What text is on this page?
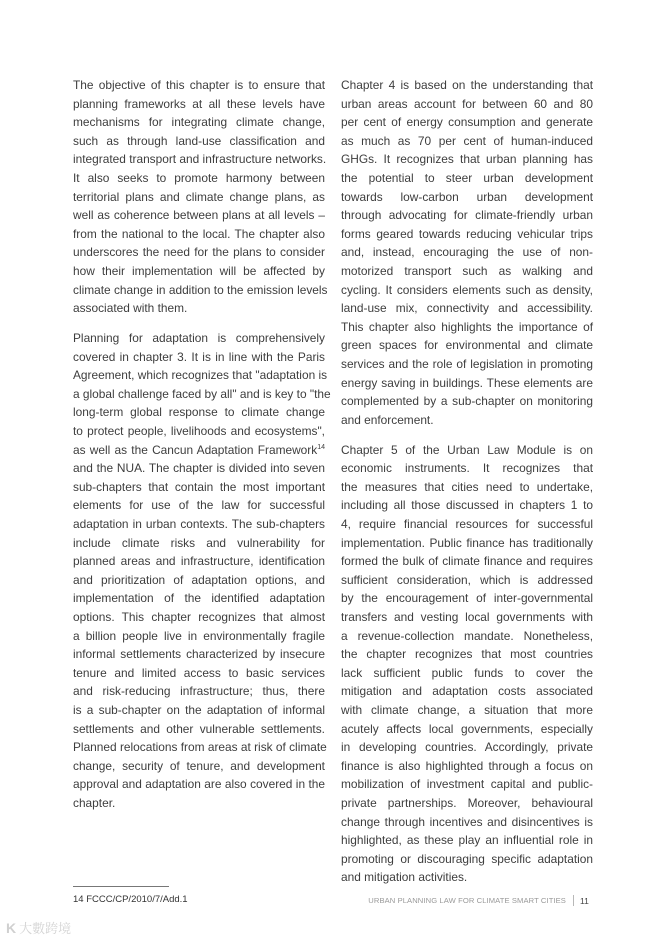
The objective of this chapter is to ensure that
planning frameworks at all these levels have
mechanisms for integrating climate change,
such as through land-use classification and
integrated transport and infrastructure networks.
It also seeks to promote harmony between
territorial plans and climate change plans, as
well as coherence between plans at all levels –
from the national to the local. The chapter also
underscores the need for the plans to consider
how their implementation will be affected by
climate change in addition to the emission levels
associated with them.
Planning for adaptation is comprehensively
covered in chapter 3. It is in line with the Paris
Agreement, which recognizes that "adaptation is
a global challenge faced by all" and is key to "the
long-term global response to climate change
to protect people, livelihoods and ecosystems",
as well as the Cancun Adaptation Framework$^{14}$
and the NUA. The chapter is divided into seven
sub-chapters that contain the most important
elements for use of the law for successful
adaptation in urban contexts. The sub-chapters
include climate risks and vulnerability for
planned areas and infrastructure, identification
and prioritization of adaptation options, and
implementation of the identified adaptation
options. This chapter recognizes that almost
a billion people live in environmentally fragile
informal settlements characterized by insecure
tenure and limited access to basic services
and risk-reducing infrastructure; thus, there
is a sub-chapter on the adaptation of informal
settlements and other vulnerable settlements.
Planned relocations from areas at risk of climate
change, security of tenure, and development
approval and adaptation are also covered in the
chapter.
Chapter 4 is based on the understanding that
urban areas account for between 60 and 80
per cent of energy consumption and generate
as much as 70 per cent of human-induced
GHGs. It recognizes that urban planning has
the potential to steer urban development
towards low-carbon urban development
through advocating for climate-friendly urban
forms geared towards reducing vehicular trips
and, instead, encouraging the use of non-
motorized transport such as walking and
cycling. It considers elements such as density,
land-use mix, connectivity and accessibility.
This chapter also highlights the importance of
green spaces for environmental and climate
services and the role of legislation in promoting
energy saving in buildings. These elements are
complemented by a sub-chapter on monitoring
and enforcement.
Chapter 5 of the Urban Law Module is on
economic instruments. It recognizes that
the measures that cities need to undertake,
including all those discussed in chapters 1 to
4, require financial resources for successful
implementation. Public finance has traditionally
formed the bulk of climate finance and requires
sufficient consideration, which is addressed
by the encouragement of inter-governmental
transfers and vesting local governments with
a revenue-collection mandate. Nonetheless,
the chapter recognizes that most countries
lack sufficient public funds to cover the
mitigation and adaptation costs associated
with climate change, a situation that more
acutely affects local governments, especially
in developing countries. Accordingly, private
finance is also highlighted through a focus on
mobilization of investment capital and public-
private partnerships. Moreover, behavioural
change through incentives and disincentives is
highlighted, as these play an influential role in
promoting or discouraging specific adaptation
and mitigation activities.
14 FCCC/CP/2010/7/Add.1	URBAN PLANNING LAW FOR CLIMATE SMART CITIES 11
K 大數跨境
